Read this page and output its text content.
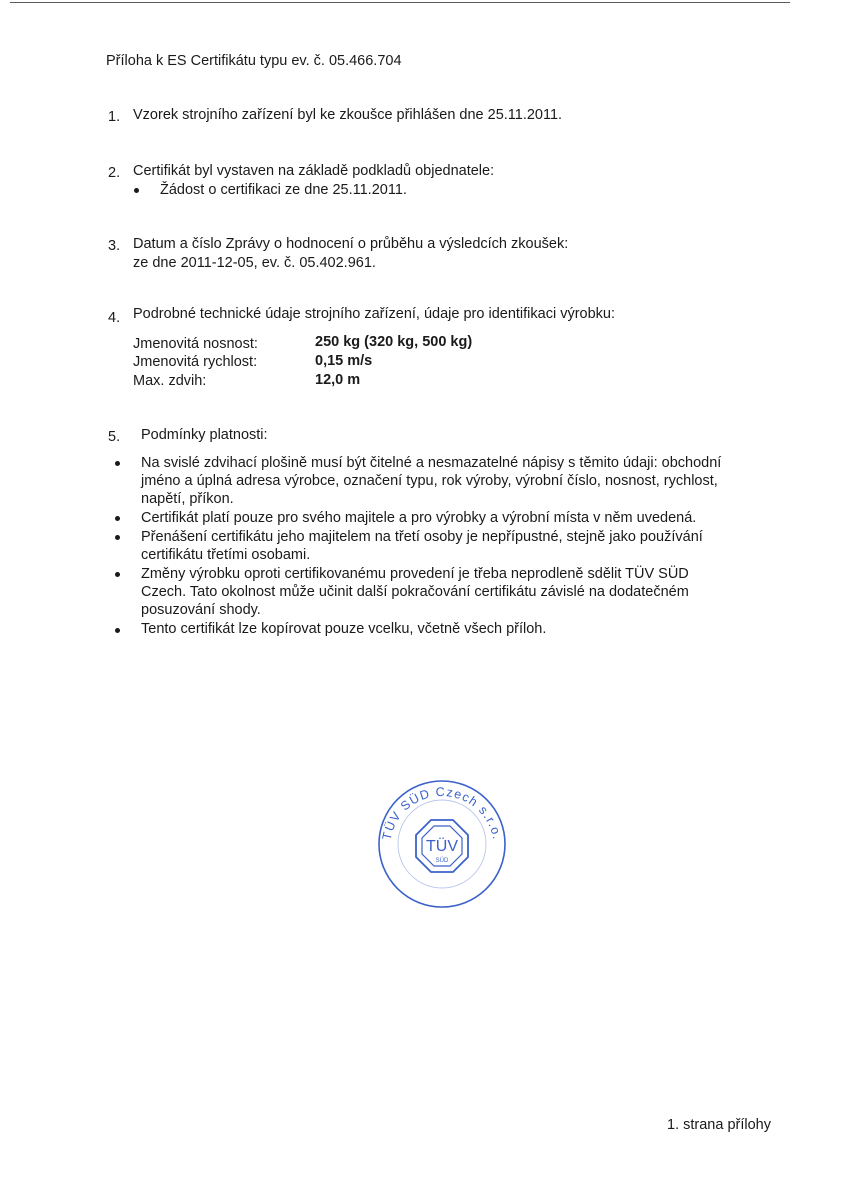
Příloha k ES Certifikátu typu ev. č. 05.466.704
1. Vzorek strojního zařízení byl ke zkoušce přihlášen dne 25.11.2011.
2. Certifikát byl vystaven na základě podkladů objednatele:
Žádost o certifikaci ze dne 25.11.2011.
3. Datum a číslo Zprávy o hodnocení o průběhu a výsledcích zkoušek:
ze dne 2011-12-05, ev. č. 05.402.961.
4. Podrobné technické údaje strojního zařízení, údaje pro identifikaci výrobku:
Jmenovitá nosnost:	250 kg (320 kg, 500 kg)
Jmenovitá rychlost:	0,15 m/s
Max. zdvih:	12,0 m
5. Podmínky platnosti:
Na svislé zdvihací plošině musí být čitelné a nesmazatelné nápisy s těmito údaji: obchodní
jméno a úplná adresa výrobce, označení typu, rok výroby, výrobní číslo, nosnost, rychlost,
napětí, příkon.
Certifikát platí pouze pro svého majitele a pro výrobky a výrobní místa v něm uvedená.
Přenášení certifikátu jeho majitelem na třetí osoby je nepřípustné, stejně jako používání
certifikátu třetími osobami.
Změny výrobku oproti certifikovanému provedení je třeba neprodleně sdělit TÜV SÜD
Czech. Tato okolnost může učinit další pokračování certifikátu závislé na dodatečném
posuzování shody.
Tento certifikát lze kopírovat pouze vcelku, včetně všech příloh.
TÜV SÜD Czech s.r.o.
TÜV
SÜD
1. strana přílohy
